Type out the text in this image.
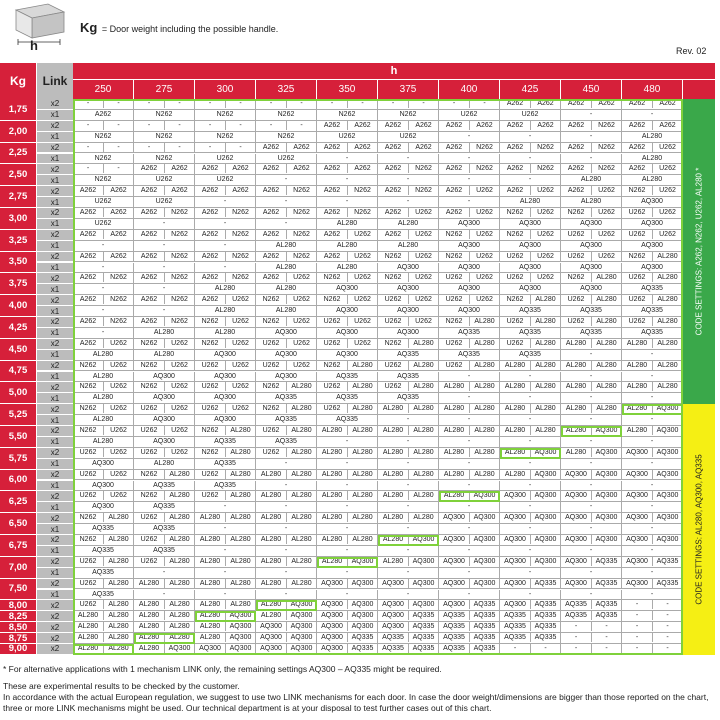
Kg = Door weight including the possible handle.
h	Rev. 02
Kg	Link
h
250	275	300	325	350	375	400	425	450	480
1,75	x2	-	-	-	-	-	-	-	-	-	-	-	-	-	-	A262	A262	A262	A262	A262	A262
x1	A262	N262	N262	N262	N262	N262	U262	U262	-	-
2,00	x2	-	-	-	-	-	-	-	-	A262	A262	A262	A262	A262	A262	A262	A262	A262	N262	A262	A262
x1	N262	N262	N262	N262	U262	U262	-	-	-	AL280
2,25	x2	-	-	-	-	-	-	A262	A262	A262	A262	A262	A262	A262	N262	A262	N262	A262	N262	A262	U262
x1	N262	N262	U262	U262	-	-	-	-	-	AL280
2,50	x2	-	-	A262	A262	A262	A262	A262	A262	A262	A262	A262	N262	A262	N262	A262	N262	A262	N262	A262	U262
x1	N262	U262	U262	-	-	-	-	-	AL280	AL280
2,75	x2	A262	A262	A262	A262	A262	A262	A262	N262	A262	N262	A262	N262	A262	U262	A262	U262	A262	U262	N262	U262
x1	U262	U262	-	-	-	-	-	AL280	AL280	AQ300
3,00	x2	A262	A262	A262	N262	A262	N262	A262	N262	A262	N262	A262	U262	A262	U262	N262	U262	N262	U262	U262	U262
x1	U262	-	-	-	AL280	AL280	AQ300	AQ300	AQ300	AQ300
3,25	x2	A262	A262	A262	N262	A262	N262	A262	N262	A262	U262	A262	U262	N262	U262	N262	U262	U262	U262	U262	U262
x1	-	-	-	AL280	AL280	AL280	AQ300	AQ300	AQ300	AQ300
3,50	x2	A262	A262	A262	N262	A262	N262	A262	N262	A262	U262	N262	U262	N262	U262	U262	U262	U262	U262	N262	AL280
x1	-	-	-	AL280	AL280	AQ300	AQ300	AQ300	AQ300	AQ300
3,75	x2	A262	N262	A262	N262	A262	N262	A262	U262	N262	U262	N262	U262	U262	U262	U262	U262	N262	AL280	U262	AL280
x1	-	-	AL280	AL280	AQ300	AQ300	AQ300	AQ300	AQ300	AQ335
4,00	x2	A262	N262	A262	N262	A262	U262	N262	U262	N262	U262	U262	U262	U262	U262	N262	AL280	U262	AL280	U262	AL280
x1	-	-	AL280	AL280	AQ300	AQ300	AQ300	AQ335	AQ335	AQ335
4,25	x2	A262	N262	A262	N262	N262	U262	N262	U262	U262	U262	U262	U262	N262	AL280	U262	AL280	U262	AL280	U262	AL280
x1	-	AL280	AL280	AQ300	AQ300	AQ300	AQ335	AQ335	AQ335	AQ335
4,50	x2	A262	U262	N262	U262	N262	U262	U262	U262	U262	U262	N262	AL280	U262	AL280	U262	AL280	AL280	AL280	AL280	AL280
x1	AL280	AL280	AQ300	AQ300	AQ300	AQ335	AQ335	AQ335	-	-
4,75	x2	N262	U262	N262	U262	U262	U262	U262	U262	N262	AL280	U262	AL280	U262	AL280	AL280	AL280	AL280	AL280	AL280	AL280
x1	AL280	AQ300	AQ300	AQ300	AQ335	AQ335	-	-	-	-
5,00	x2	N262	U262	N262	U262	U262	U262	N262	AL280	U262	AL280	U262	AL280	AL280	AL280	AL280	AL280	AL280	AL280	AL280	AL280
x1	AL280	AQ300	AQ300	AQ335	AQ335	AQ335	-	-	-	-
5,25	x2	N262	U262	U262	U262	U262	U262	N262	AL280	U262	AL280	AL280	AL280	AL280	AL280	AL280	AL280	AL280	AL280	AL280	AQ300
x1	AL280	AQ300	AQ300	AQ335	AQ335	-	-	-	-	-
5,50	x2	N262	U262	U262	U262	N262	AL280	U262	AL280	AL280	AL280	AL280	AL280	AL280	AL280	AL280	AL280	AL280	AQ300	AL280	AQ300
x1	AL280	AQ300	AQ335	AQ335	-	-	-	-	-	-
5,75	x2	U262	U262	U262	U262	N262	AL280	U262	AL280	AL280	AL280	AL280	AL280	AL280	AL280	AL280	AQ300	AL280	AQ300	AQ300	AQ300
x1	AQ300	AL280	AQ335	-	-	-	-	-	-	-
6,00	x2	U262	U262	N262	AL280	U262	AL280	AL280	AL280	AL280	AL280	AL280	AL280	AL280	AL280	AL280	AQ300	AQ300	AQ300	AQ300	AQ300
x1	AQ300	AQ335	AQ335	-	-	-	-	-	-	-
6,25	x2	U262	U262	N262	AL280	U262	AL280	AL280	AL280	AL280	AL280	AL280	AL280	AL280	AQ300	AQ300	AQ300	AQ300	AQ300	AQ300	AQ300
x1	AQ300	AQ335	-	-	-	-	-	-	-	-
6,50	x2	N262	AL280	U262	AL280	AL280	AL280	AL280	AL280	AL280	AL280	AL280	AL280	AQ300	AQ300	AQ300	AQ300	AQ300	AQ300	AQ300	AQ300
x1	AQ335	AQ335	-	-	-	-	-	-	-	-
6,75	x2	N262	AL280	U262	AL280	AL280	AL280	AL280	AL280	AL280	AL280	AL280	AQ300	AQ300	AQ300	AQ300	AQ300	AQ300	AQ300	AQ300	AQ300
x1	AQ335	AQ335	-	-	-	-	-	-	-	-
7,00	x2	U262	AL280	U262	AL280	AL280	AL280	AL280	AL280	AL280	AQ300	AL280	AQ300	AQ300	AQ300	AQ300	AQ300	AQ300	AQ335	AQ300	AQ335
x1	AQ335	-	-	-	-	-	-	-	-	-
7,50	x2	U262	AL280	AL280	AL280	AL280	AL280	AL280	AL280	AQ300	AQ300	AQ300	AQ300	AQ300	AQ300	AQ300	AQ335	AQ300	AQ335	AQ300	AQ335
x1	AQ335	-	-	-	-	-	-	-	-	-
8,00	x2	U262	AL280	AL280	AL280	AL280	AL280	AL280	AQ300	AQ300	AQ300	AQ300	AQ300	AQ300	AQ335	AQ300	AQ335	AQ335	AQ335	-	-
8,25	x2	AL280	AL280	AL280	AL280	AL280	AQ300	AL280	AQ300	AQ300	AQ300	AQ300	AQ335	AQ335	AQ335	AQ335	AQ335	AQ335	AQ335	-	-
8,50	x2	AL280	AL280	AL280	AL280	AL280	AQ300	AQ300	AQ300	AQ300	AQ300	AQ300	AQ335	AQ335	AQ335	AQ335	AQ335	-	-	-	-
8,75	x2	AL280	AL280	AL280	AL280	AL280	AQ300	AQ300	AQ300	AQ300	AQ335	AQ335	AQ335	AQ335	AQ335	AQ335	AQ335	-	-	-	-
9,00	x2	AL280	AL280	AL280	AQ300	AQ300	AQ300	AQ300	AQ300	AQ300	AQ335	AQ335	AQ335	AQ335	AQ335	-	-	-	-	-	-
CODE SETTINGS: A262, N262, U262, AL280 *
CODE SETTINGS: AL280, AQ300, AQ335

* For alternative applications with 1 mechanism LINK only, the remaining settings AQ300 – AQ335 might be required.

These are experimental results to be checked by the customer.

In accordance with the actual European regulation, we suggest to use two LINK mechanisms for each door. In case the door weight/dimensions are bigger than those reported on the chart, three or more LINK mechanisms might be used. Our technical department is at your disposal to test further cases out of this chart.
